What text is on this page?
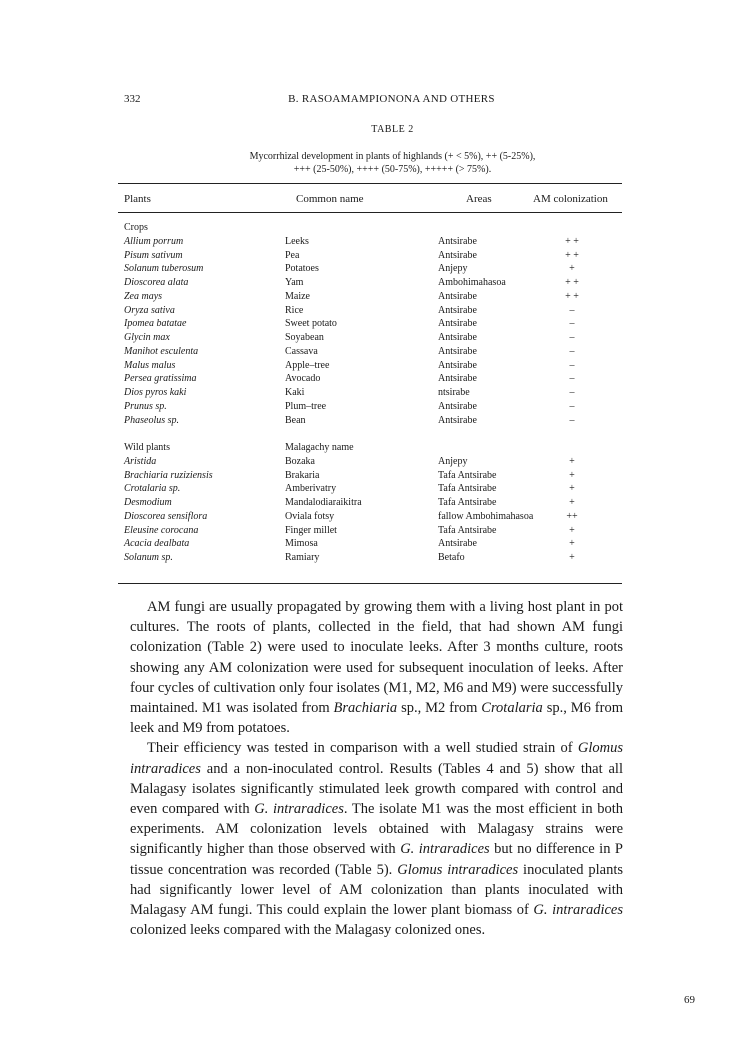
332	B. RASOAMAMPIONONA AND OTHERS
TABLE 2
Mycorrhizal development in plants of highlands (+ < 5%), ++ (5-25%),
+++ (25-50%), ++++ (50-75%), +++++ (> 75%).
Plants	Common name	Areas	AM colonization
Crops
Allium porrum	Leeks	Antsirabe	+ +
Pisum sativum	Pea	Antsirabe	+ +
Solanum tuberosum	Potatoes	Anjepy	+
Dioscorea alata	Yam	Ambohimahasoa	+ +
Zea mays	Maize	Antsirabe	+ +
Oryza sativa	Rice	Antsirabe	–
Ipomea batatae	Sweet potato	Antsirabe	–
Glycin max	Soyabean	Antsirabe	–
Manihot esculenta	Cassava	Antsirabe	–
Malus malus	Apple–tree	Antsirabe	–
Persea gratissima	Avocado	Antsirabe	–
Dios pyros kaki	Kaki	ntsirabe	–
Prunus sp.	Plum–tree	Antsirabe	–
Phaseolus sp.	Bean	Antsirabe	–
Wild plants	Malagachy name
Aristida	Bozaka	Anjepy	+
Brachiaria ruziziensis	Brakaria	Tafa Antsirabe	+
Crotalaria sp.	Amberivatry	Tafa Antsirabe	+
Desmodium	Mandalodiaraikitra	Tafa Antsirabe	+
Dioscorea sensiflora	Oviala fotsy	fallow Ambohimahasoa	++
Eleusine corocana	Finger millet	Tafa Antsirabe	+
Acacia dealbata	Mimosa	Antsirabe	+
Solanum sp.	Ramiary	Betafo	+

AM fungi are usually propagated by growing them with a living host plant in pot cultures. The roots of plants, collected in the field, that had shown AM fungi colonization (Table 2) were used to inoculate leeks. After 3 months culture, roots showing any AM colonization were used for subsequent inoculation of leeks. After four cycles of cultivation only four isolates (M1, M2, M6 and M9) were successfully maintained. M1 was isolated from Brachiaria sp., M2 from Crotalaria sp., M6 from leek and M9 from potatoes.

Their efficiency was tested in comparison with a well studied strain of Glomus intraradices and a non-inoculated control. Results (Tables 4 and 5) show that all Malagasy isolates significantly stimulated leek growth compared with control and even compared with G. intraradices. The isolate M1 was the most efficient in both experiments. AM colonization levels obtained with Malagasy strains were significantly higher than those observed with G. intraradices but no difference in P tissue concentration was recorded (Table 5). Glomus intraradices inoculated plants had significantly lower level of AM colonization than plants inoculated with Malagasy AM fungi. This could explain the lower plant biomass of G. intraradices colonized leeks compared with the Malagasy colonized ones.

69
